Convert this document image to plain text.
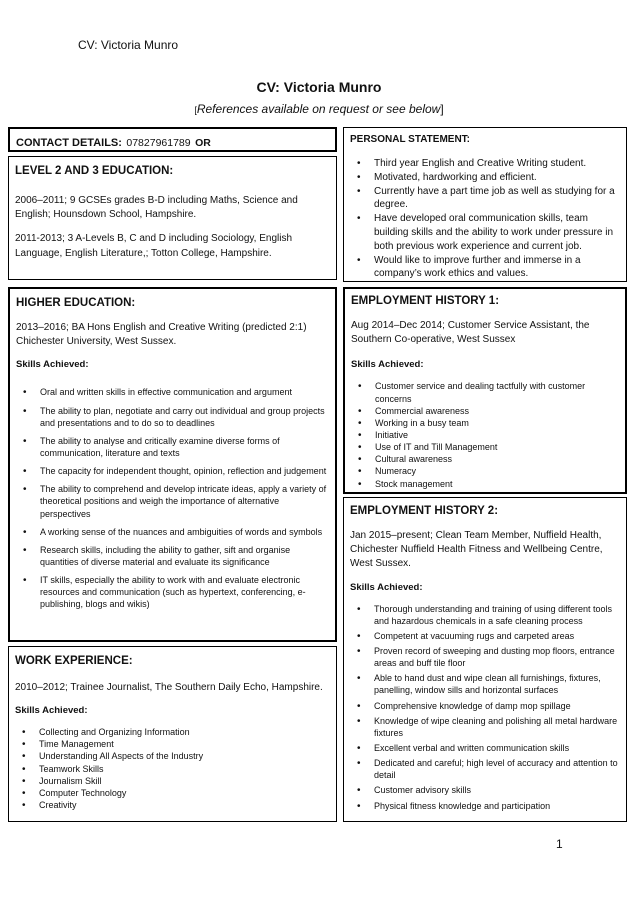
CV: Victoria Munro
CV: Victoria Munro
[References available on request or see below]
CONTACT DETAILS: 07827961789 OR

LEVEL 2 AND 3 EDUCATION:

2006–2011; 9 GCSEs grades B-D including Maths, Science and English; Hounsdown School, Hampshire.

2011-2013; 3 A-Levels B, C and D including Sociology, English Language, English Literature,; Totton College, Hampshire.

PERSONAL STATEMENT:

• Third year English and Creative Writing student.
• Motivated, hardworking and efficient.
• Currently have a part time job as well as studying for a degree.
• Have developed oral communication skills, team building skills and the ability to work under pressure in both previous work experience and current job.
• Would like to improve further and immerse in a company’s work ethics and values.

HIGHER EDUCATION:

2013–2016; BA Hons English and Creative Writing (predicted 2:1) Chichester University, West Sussex.

Skills Achieved:

• Oral and written skills in effective communication and argument
• The ability to plan, negotiate and carry out individual and group projects and presentations and to do so to deadlines
• The ability to analyse and critically examine diverse forms of communication, literature and texts
• The capacity for independent thought, opinion, reflection and judgement
• The ability to comprehend and develop intricate ideas, apply a variety of theoretical positions and weigh the importance of alternative perspectives
• A working sense of the nuances and ambiguities of words and symbols
• Research skills, including the ability to gather, sift and organise quantities of diverse material and evaluate its significance
• IT skills, especially the ability to work with and evaluate electronic resources and communication (such as hypertext, conferencing, e-publishing, blogs and wikis)

EMPLOYMENT HISTORY 1:

Aug 2014–Dec 2014; Customer Service Assistant, the Southern Co-operative, West Sussex

Skills Achieved:

• Customer service and dealing tactfully with customer concerns
• Commercial awareness
• Working in a busy team
• Initiative
• Use of IT and Till Management
• Cultural awareness
• Numeracy
• Stock management

EMPLOYMENT HISTORY 2:

Jan 2015–present; Clean Team Member, Nuffield Health, Chichester Nuffield Health Fitness and Wellbeing Centre, West Sussex.

Skills Achieved:

• Thorough understanding and training of using different tools and hazardous chemicals in a safe cleaning process
• Competent at vacuuming rugs and carpeted areas
• Proven record of sweeping and dusting mop floors, entrance areas and buff tile floor
• Able to hand dust and wipe clean all furnishings, fixtures, panelling, window sills and horizontal surfaces
• Comprehensive knowledge of damp mop spillage
• Knowledge of wipe cleaning and polishing all metal hardware fixtures
• Excellent verbal and written communication skills
• Dedicated and careful; high level of accuracy and attention to detail
• Customer advisory skills
• Physical fitness knowledge and participation

WORK EXPERIENCE:

2010–2012; Trainee Journalist, The Southern Daily Echo, Hampshire.

Skills Achieved:

• Collecting and Organizing Information
• Time Management
• Understanding All Aspects of the Industry
• Teamwork Skills
• Journalism Skill
• Computer Technology
• Creativity
1
